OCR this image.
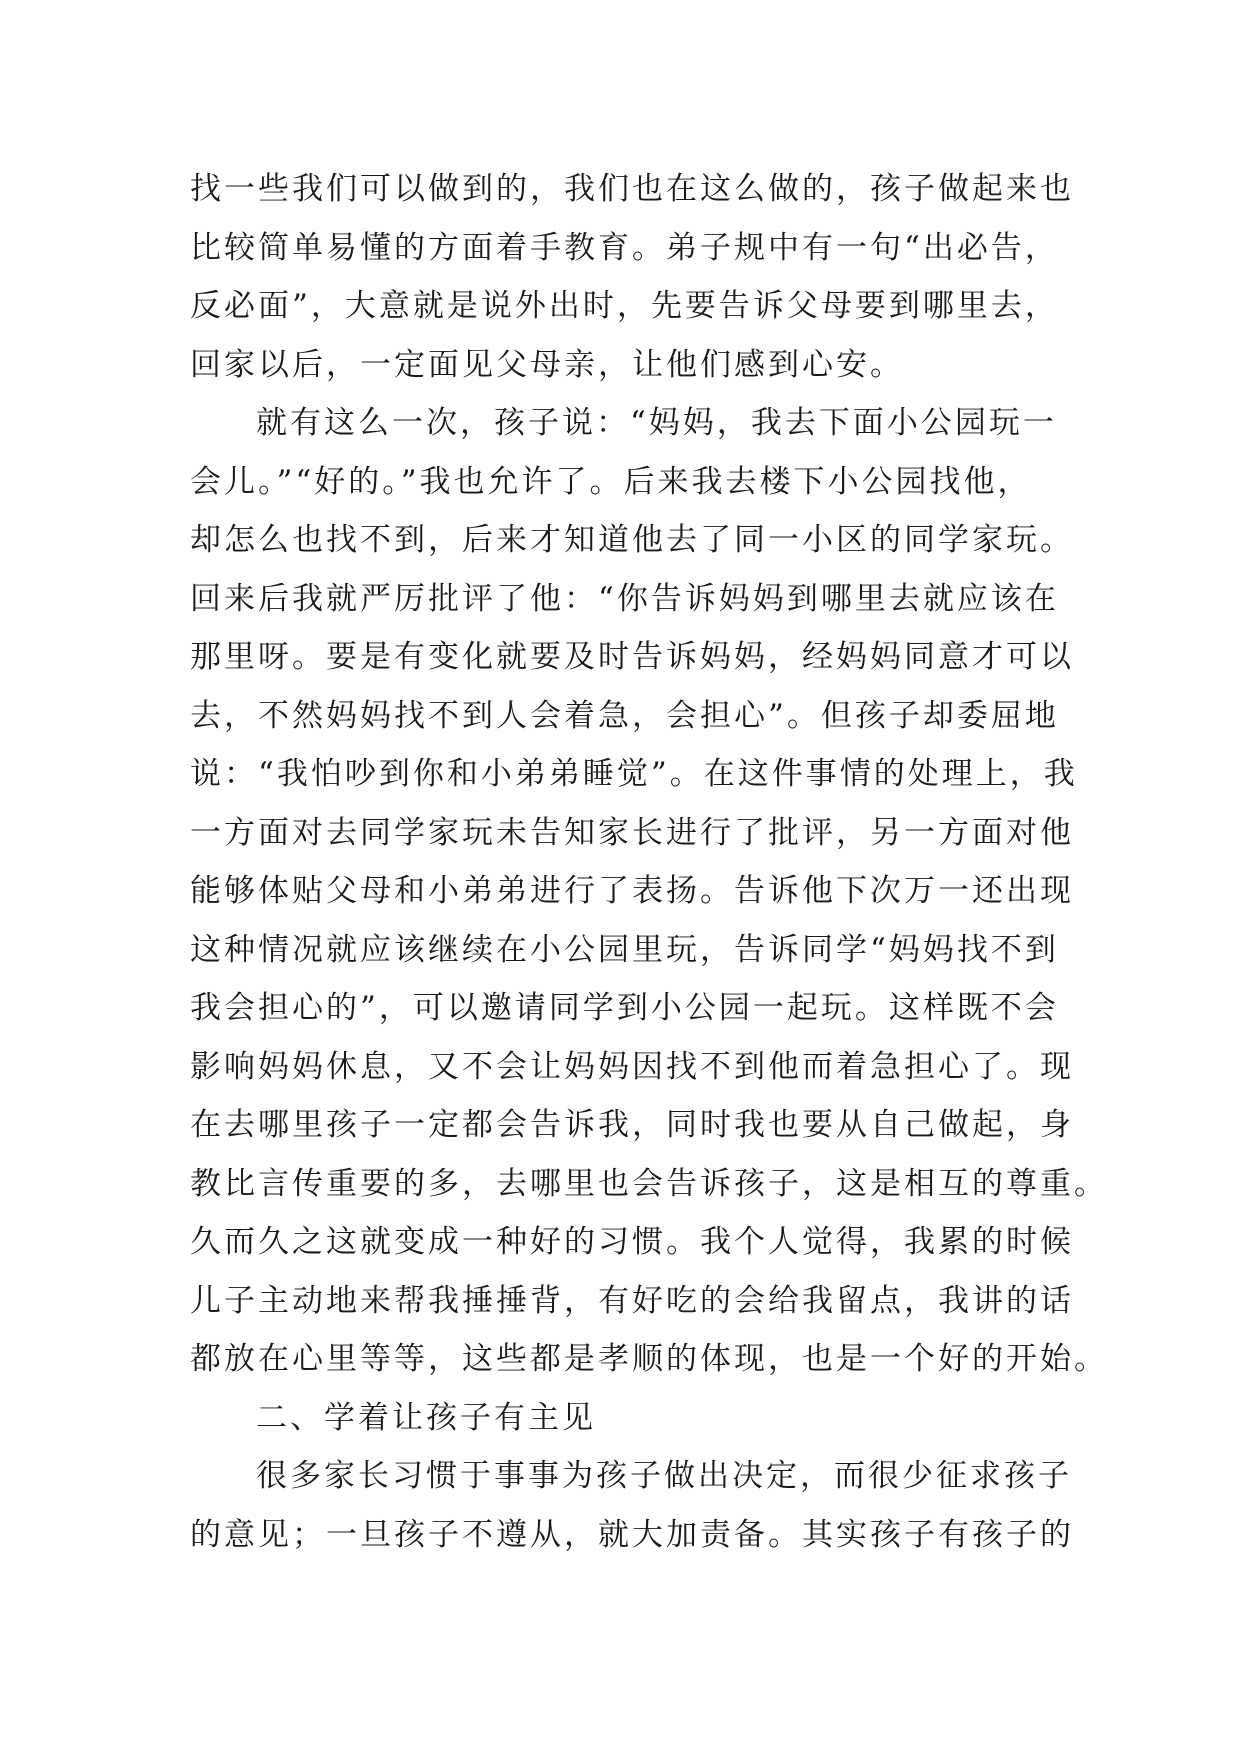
找一些我们可以做到的，我们也在这么做的，孩子做起来也
比较简单易懂的方面着手教育。弟子规中有一句“出必告，
反必面”，大意就是说外出时，先要告诉父母要到哪里去，
回家以后，一定面见父母亲，让他们感到心安。
就有这么一次，孩子说：“妈妈，我去下面小公园玩一
会儿。”“好的。”我也允许了。后来我去楼下小公园找他，
却怎么也找不到，后来才知道他去了同一小区的同学家玩。
回来后我就严厉批评了他：“你告诉妈妈到哪里去就应该在
那里呀。要是有变化就要及时告诉妈妈，经妈妈同意才可以
去，不然妈妈找不到人会着急，会担心”。但孩子却委屈地
说：“我怕吵到你和小弟弟睡觉”。在这件事情的处理上，我
一方面对去同学家玩未告知家长进行了批评，另一方面对他
能够体贴父母和小弟弟进行了表扬。告诉他下次万一还出现
这种情况就应该继续在小公园里玩，告诉同学“妈妈找不到
我会担心的”，可以邀请同学到小公园一起玩。这样既不会
影响妈妈休息，又不会让妈妈因找不到他而着急担心了。现
在去哪里孩子一定都会告诉我，同时我也要从自己做起，身
教比言传重要的多，去哪里也会告诉孩子，这是相互的尊重。
久而久之这就变成一种好的习惯。我个人觉得，我累的时候
儿子主动地来帮我捶捶背，有好吃的会给我留点，我讲的话
都放在心里等等，这些都是孝顺的体现，也是一个好的开始。
二、学着让孩子有主见
很多家长习惯于事事为孩子做出决定，而很少征求孩子
的意见；一旦孩子不遵从，就大加责备。其实孩子有孩子的
